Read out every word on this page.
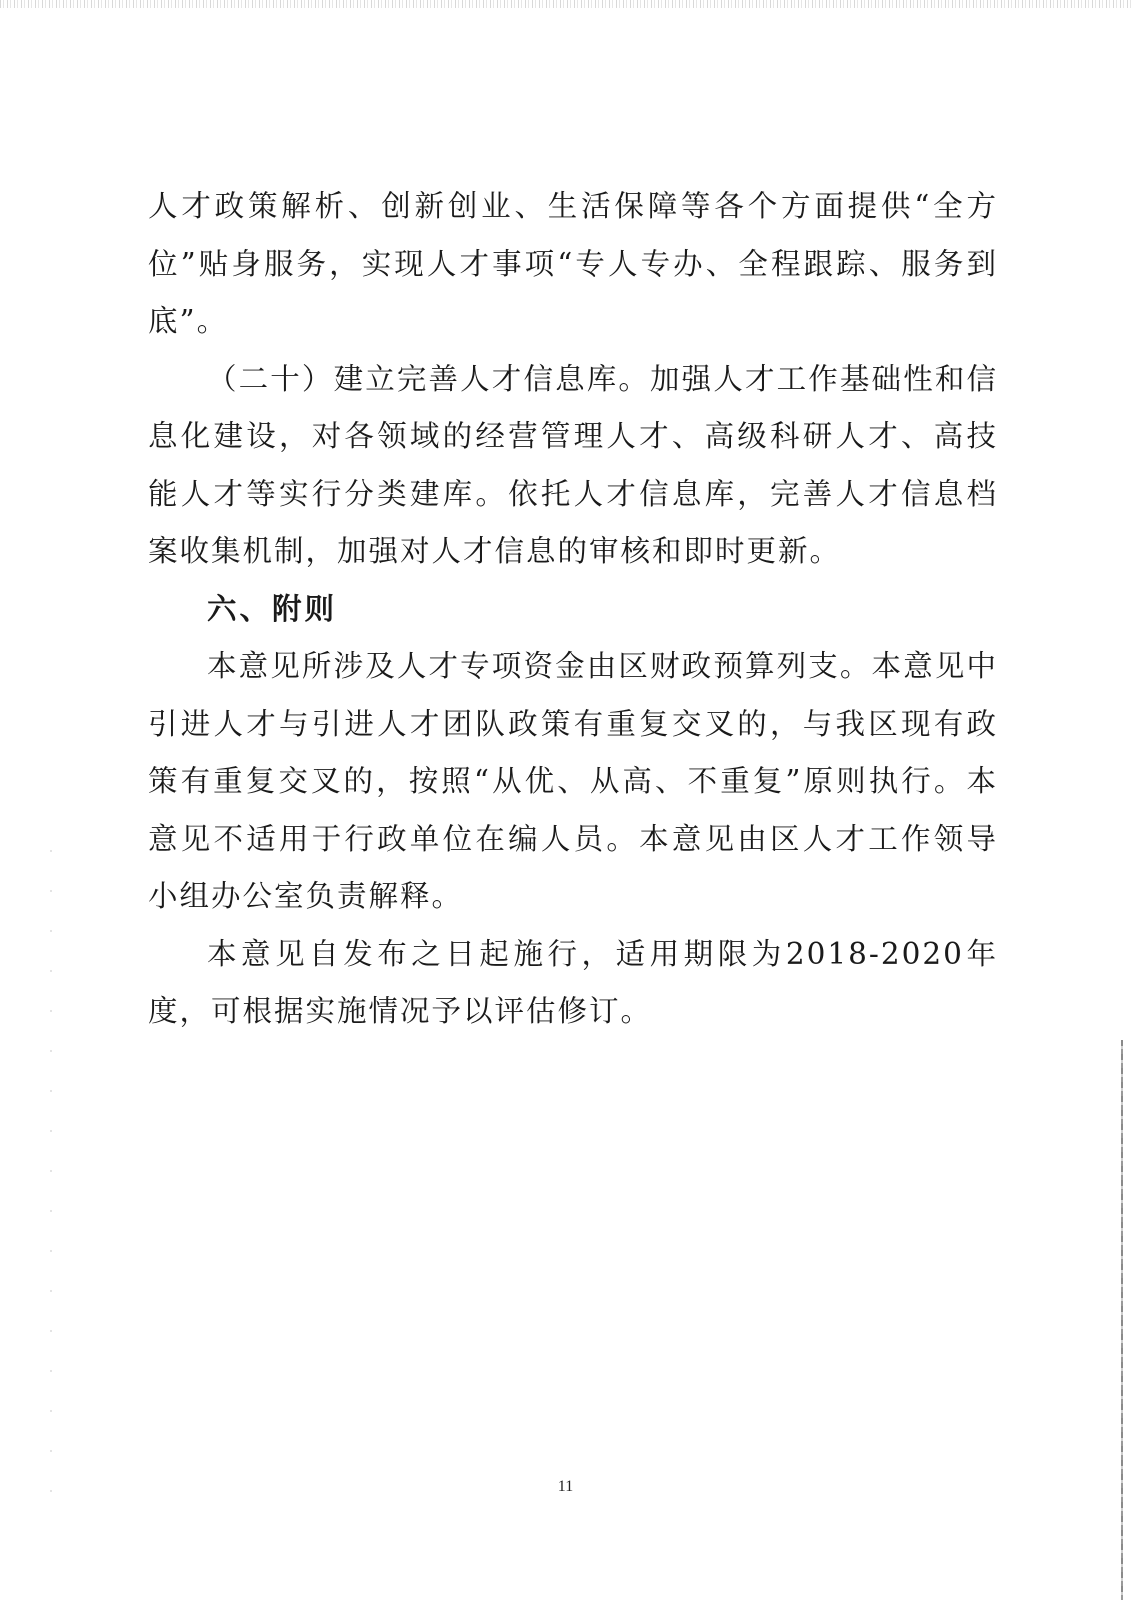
人才政策解析、创新创业、生活保障等各个方面提供“全方位”贴身服务，实现人才事项“专人专办、全程跟踪、服务到底”。

（二十）建立完善人才信息库。加强人才工作基础性和信息化建设，对各领域的经营管理人才、高级科研人才、高技能人才等实行分类建库。依托人才信息库，完善人才信息档案收集机制，加强对人才信息的审核和即时更新。

六、附则

本意见所涉及人才专项资金由区财政预算列支。本意见中引进人才与引进人才团队政策有重复交叉的，与我区现有政策有重复交叉的，按照“从优、从高、不重复”原则执行。本意见不适用于行政单位在编人员。本意见由区人才工作领导小组办公室负责解释。

本意见自发布之日起施行，适用期限为2018-2020年度，可根据实施情况予以评估修订。

11
